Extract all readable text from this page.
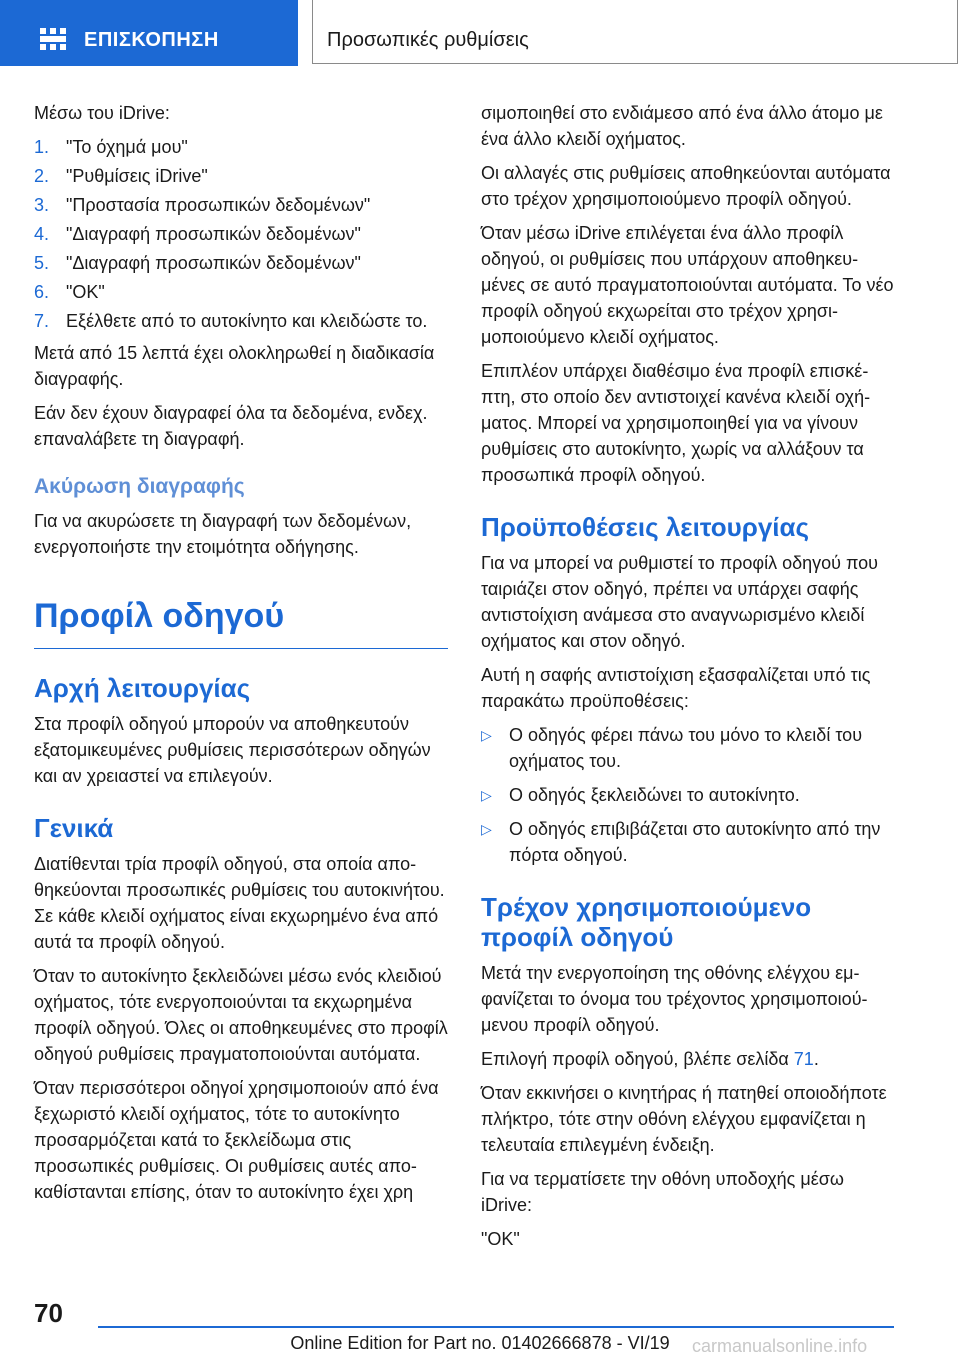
ΕΠΙΣΚΟΠΗΣΗ	Προσωπικές ρυθμίσεις

Μέσω του iDrive:

1. "Το όχημά μου"
2. "Ρυθμίσεις iDrive"
3. "Προστασία προσωπικών δεδομένων"
4. "Διαγραφή προσωπικών δεδομένων"
5. "Διαγραφή προσωπικών δεδομένων"
6. "OK"
7. Εξέλθετε από το αυτοκίνητο και κλειδώστε το.

Μετά από 15 λεπτά έχει ολοκληρωθεί η διαδικασία διαγραφής.

Εάν δεν έχουν διαγραφεί όλα τα δεδομένα, ενδεχ. επαναλάβετε τη διαγραφή.

Ακύρωση διαγραφής

Για να ακυρώσετε τη διαγραφή των δεδομένων, ενεργοποιήστε την ετοιμότητα οδήγησης.

Προφίλ οδηγού
Αρχή λειτουργίας

Στα προφίλ οδηγού μπορούν να αποθηκευτούν εξατομικευμένες ρυθμίσεις περισσότερων οδηγών και αν χρειαστεί να επιλεγούν.

Γενικά

Διατίθενται τρία προφίλ οδηγού, στα οποία αποθηκεύονται προσωπικές ρυθμίσεις του αυτοκινήτου. Σε κάθε κλειδί οχήματος είναι εκχωρημένο ένα από αυτά τα προφίλ οδηγού.

Όταν το αυτοκίνητο ξεκλειδώνει μέσω ενός κλειδιού οχήματος, τότε ενεργοποιούνται τα εκχωρημένα προφίλ οδηγού. Όλες οι αποθηκευμένες στο προφίλ οδηγού ρυθμίσεις πραγματοποιούνται αυτόματα.

Όταν περισσότεροι οδηγοί χρησιμοποιούν από ένα ξεχωριστό κλειδί οχήματος, τότε το αυτοκίνητο προσαρμόζεται κατά το ξεκλείδωμα στις προσωπικές ρυθμίσεις. Οι ρυθμίσεις αυτές αποκαθίστανται επίσης, όταν το αυτοκίνητο έχει χρη

σιμοποιηθεί στο ενδιάμεσο από ένα άλλο άτομο με ένα άλλο κλειδί οχήματος.

Οι αλλαγές στις ρυθμίσεις αποθηκεύονται αυτόματα στο τρέχον χρησιμοποιούμενο προφίλ οδηγού.

Όταν μέσω iDrive επιλέγεται ένα άλλο προφίλ οδηγού, οι ρυθμίσεις που υπάρχουν αποθηκευμένες σε αυτό πραγματοποιούνται αυτόματα. Το νέο προφίλ οδηγού εκχωρείται στο τρέχον χρησιμοποιούμενο κλειδί οχήματος.

Επιπλέον υπάρχει διαθέσιμο ένα προφίλ επισκέπτη, στο οποίο δεν αντιστοιχεί κανένα κλειδί οχήματος. Μπορεί να χρησιμοποιηθεί για να γίνουν ρυθμίσεις στο αυτοκίνητο, χωρίς να αλλάξουν τα προσωπικά προφίλ οδηγού.

Προϋποθέσεις λειτουργίας

Για να μπορεί να ρυθμιστεί το προφίλ οδηγού που ταιριάζει στον οδηγό, πρέπει να υπάρχει σαφής αντιστοίχιση ανάμεσα στο αναγνωρισμένο κλειδί οχήματος και στον οδηγό.

Αυτή η σαφής αντιστοίχιση εξασφαλίζεται υπό τις παρακάτω προϋποθέσεις:

▷ Ο οδηγός φέρει πάνω του μόνο το κλειδί του οχήματος του.
▷ Ο οδηγός ξεκλειδώνει το αυτοκίνητο.
▷ Ο οδηγός επιβιβάζεται στο αυτοκίνητο από την πόρτα οδηγού.
Τρέχον χρησιμοποιούμενο προφίλ οδηγού

Μετά την ενεργοποίηση της οθόνης ελέγχου εμφανίζεται το όνομα του τρέχοντος χρησιμοποιούμενου προφίλ οδηγού.

Επιλογή προφίλ οδηγού, βλέπε σελίδα 71.

Όταν εκκινήσει ο κινητήρας ή πατηθεί οποιοδήποτε πλήκτρο, τότε στην οθόνη ελέγχου εμφανίζεται η τελευταία επιλεγμένη ένδειξη.

Για να τερματίσετε την οθόνη υποδοχής μέσω iDrive:

"OK"

70
Online Edition for Part no. 01402666878 - VI/19	carmanualsonline.info
